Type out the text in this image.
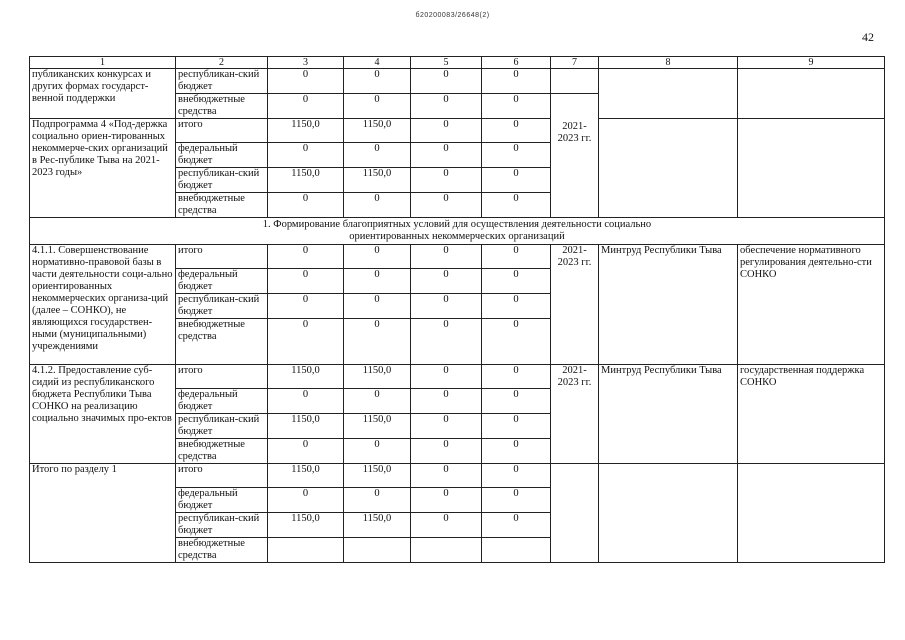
б20200083/26648(2)
42
1	2	3	4	5	6	7	8	9
публиканских конкурсах и других формах государст-венной поддержки	республикан-ский бюджет	0	0	0	0			
	внебюджетные средства	0	0	0	0	2021-2023 гг.		
Подпрограмма 4 «Под-держка социально ориен-тированных некоммерче-ских организаций в Рес-публике Тыва на 2021-2023 годы»	итого	1150,0	1150,0	0	0			
	федеральный бюджет	0	0	0	0			
	республикан-ский бюджет	1150,0	1150,0	0	0			
	внебюджетные средства	0	0	0	0			
1. Формирование благоприятных условий для осуществления деятельности социально ориентированных некоммерческих организаций								
4.1.1. Совершенствование нормативно-правовой базы в части деятельности соци-ально ориентированных некоммерческих организа-ций (далее – СОНКО), не являющихся государствен-ными (муниципальными) учреждениями	итого	0	0	0	0	2021-2023 гг.	Минтруд Республики Тыва	обеспечение нормативного регулирования деятельно-сти СОНКО
	федеральный бюджет	0	0	0	0			
	республикан-ский бюджет	0	0	0	0			
	внебюджетные средства	0	0	0	0			
4.1.2. Предоставление суб-сидий из республиканского бюджета Республики Тыва СОНКО на реализацию социально значимых про-ектов	итого	1150,0	1150,0	0	0	2021-2023 гг.	Минтруд Республики Тыва	государственная поддержка СОНКО
	федеральный бюджет	0	0	0	0			
	республикан-ский бюджет	1150,0	1150,0	0	0			
	внебюджетные средства	0	0	0	0			
Итого по разделу 1	итого	1150,0	1150,0	0	0			
	федеральный бюджет	0	0	0	0			
	республикан-ский бюджет	1150,0	1150,0	0	0			
	внебюджетные средства							
